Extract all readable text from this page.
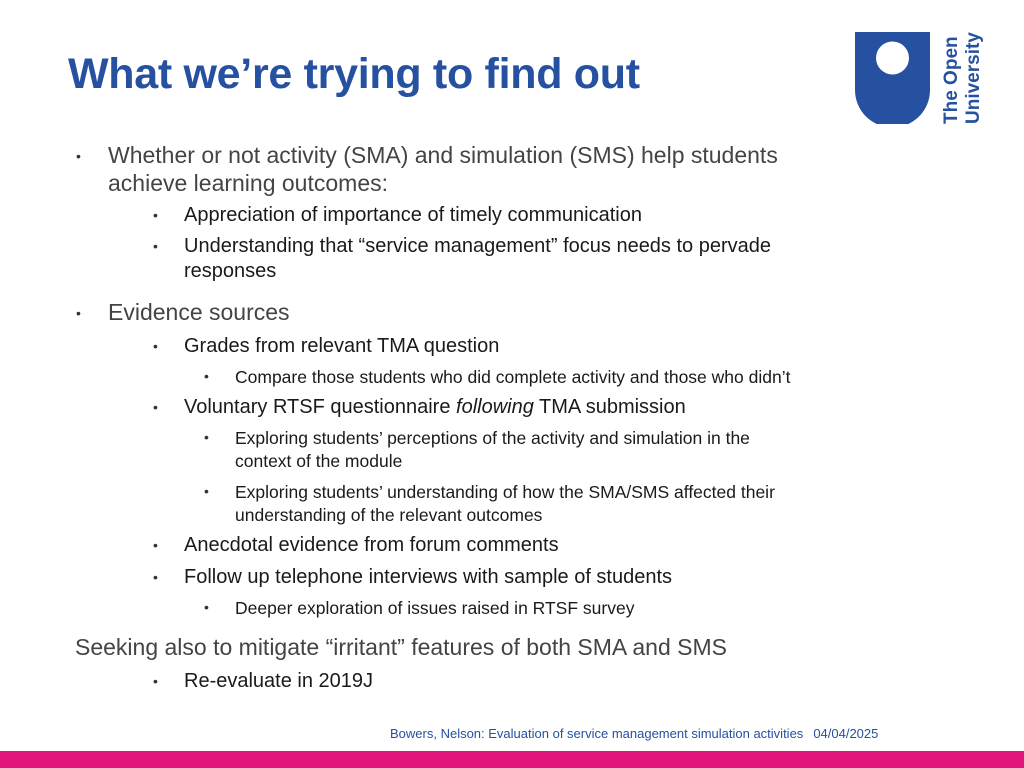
What we’re trying to find out	The Open University
• Whether or not activity (SMA) and simulation (SMS) help students
achieve learning outcomes:
• Appreciation of importance of timely communication
• Understanding that “service management” focus needs to pervade
responses
• Evidence sources
• Grades from relevant TMA question
• Compare those students who did complete activity and those who didn’t
• Voluntary RTSF questionnaire following TMA submission
• Exploring students’ perceptions of the activity and simulation in the
context of the module
• Exploring students’ understanding of how the SMA/SMS affected their
understanding of the relevant outcomes
• Anecdotal evidence from forum comments
• Follow up telephone interviews with sample of students
• Deeper exploration of issues raised in RTSF survey
Seeking also to mitigate “irritant” features of both SMA and SMS
• Re-evaluate in 2019J
Bowers, Nelson: Evaluation of service management simulation activities 04/04/2025
